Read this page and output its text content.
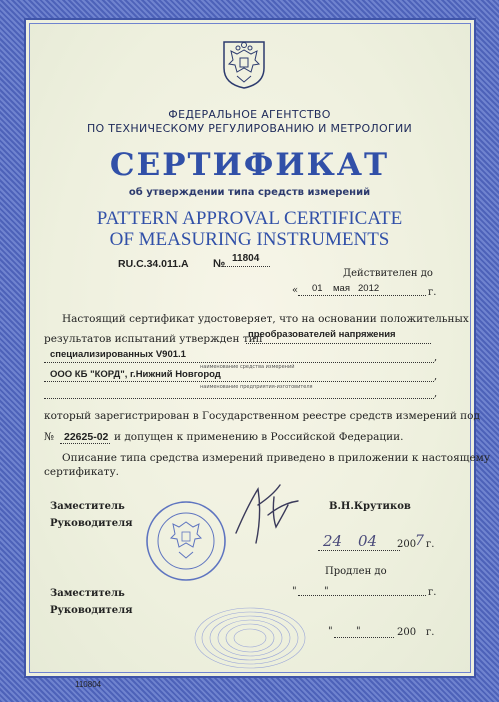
ФЕДЕРАЛЬНОЕ АГЕНТСТВО
ПО ТЕХНИЧЕСКОМУ РЕГУЛИРОВАНИЮ И МЕТРОЛОГИИ
СЕРТИФИКАТ
об утверждении типа средств измерений
PATTERN APPROVAL CERTIFICATE
OF MEASURING INSTRUMENTS
RU.C.34.011.A № 11804
Действителен до
« 01 мая 2012	г.
Настоящий сертификат удостоверяет, что на основании положительных
результатов испытаний утвержден тип
преобразователей напряжения
специализированных V901.1	,
наименование средства измерений
ООО КБ "КОРД", г.Нижний Новгород	,
наименование предприятия-изготовителя
,
который зарегистрирован в Государственном реестре средств измерений под
№ 22625-02 и допущен к применению в Российской Федерации.
Описание типа средства измерений приведено в приложении к настоящему
сертификату.
Заместитель
Руководителя
В.Н.Крутиков
24 04 200
7 г.
Продлен до
"	"	г.
Заместитель
Руководителя
" "	200 г.
110804
